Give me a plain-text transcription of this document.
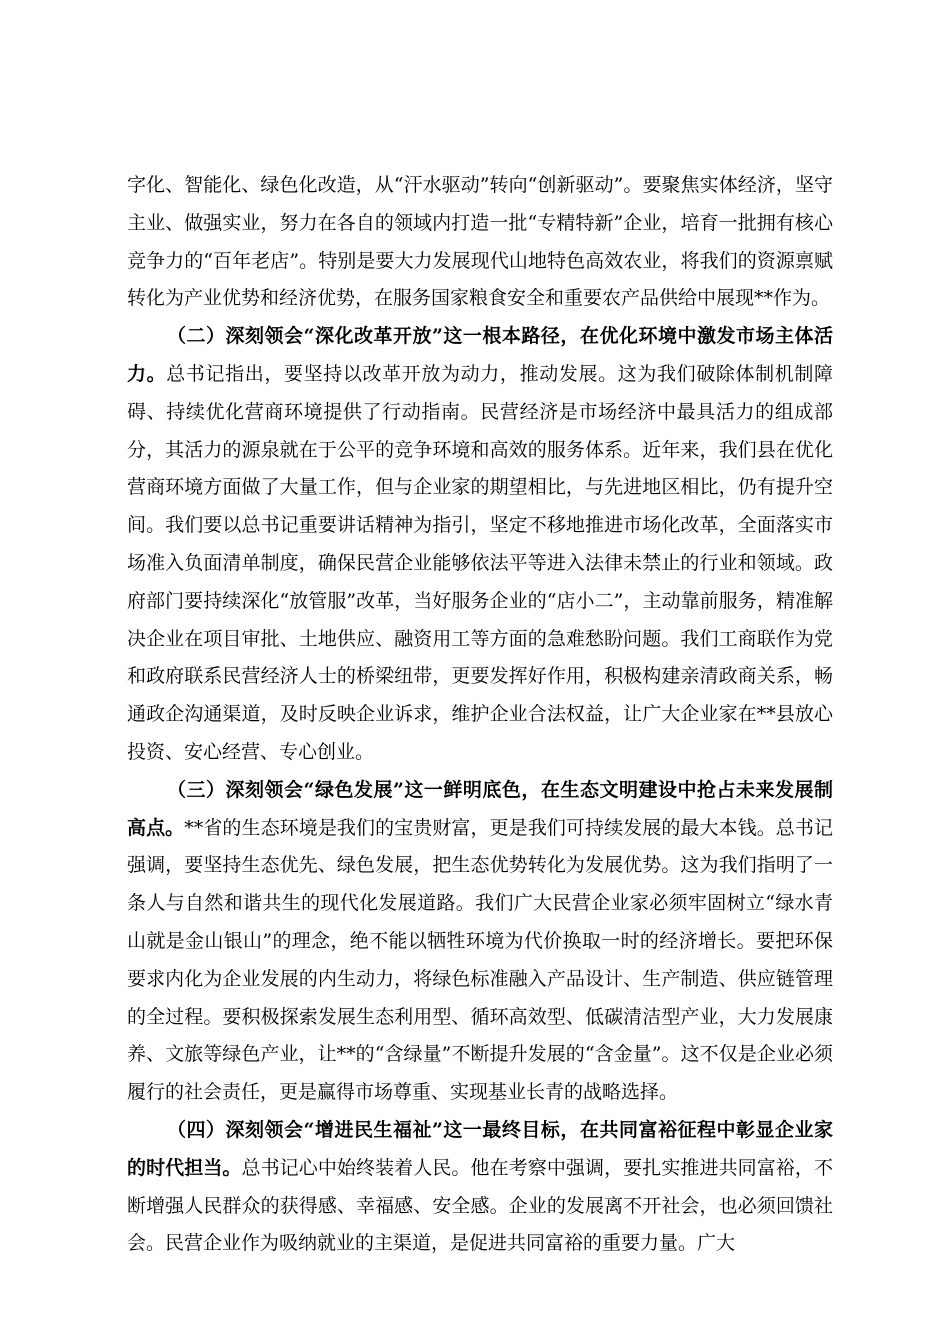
字化、智能化、绿色化改造，从“汗水驱动”转向“创新驱动”。要聚焦实体经济，坚守主业、做强实业，努力在各自的领域内打造一批“专精特新”企业，培育一批拥有核心竞争力的“百年老店”。特别是要大力发展现代山地特色高效农业，将我们的资源禀赋转化为产业优势和经济优势，在服务国家粮食安全和重要农产品供给中展现**作为。

（二）深刻领会“深化改革开放”这一根本路径，在优化环境中激发市场主体活力。总书记指出，要坚持以改革开放为动力，推动发展。这为我们破除体制机制障碍、持续优化营商环境提供了行动指南。民营经济是市场经济中最具活力的组成部分，其活力的源泉就在于公平的竞争环境和高效的服务体系。近年来，我们县在优化营商环境方面做了大量工作，但与企业家的期望相比，与先进地区相比，仍有提升空间。我们要以总书记重要讲话精神为指引，坚定不移地推进市场化改革，全面落实市场准入负面清单制度，确保民营企业能够依法平等进入法律未禁止的行业和领域。政府部门要持续深化“放管服”改革，当好服务企业的“店小二”，主动靠前服务，精准解决企业在项目审批、土地供应、融资用工等方面的急难愁盼问题。我们工商联作为党和政府联系民营经济人士的桥梁纽带，更要发挥好作用，积极构建亲清政商关系，畅通政企沟通渠道，及时反映企业诉求，维护企业合法权益，让广大企业家在**县放心投资、安心经营、专心创业。

（三）深刻领会“绿色发展”这一鲜明底色，在生态文明建设中抢占未来发展制高点。**省的生态环境是我们的宝贵财富，更是我们可持续发展的最大本钱。总书记强调，要坚持生态优先、绿色发展，把生态优势转化为发展优势。这为我们指明了一条人与自然和谐共生的现代化发展道路。我们广大民营企业家必须牢固树立“绿水青山就是金山银山”的理念，绝不能以牺牲环境为代价换取一时的经济增长。要把环保要求内化为企业发展的内生动力，将绿色标准融入产品设计、生产制造、供应链管理的全过程。要积极探索发展生态利用型、循环高效型、低碳清洁型产业，大力发展康养、文旅等绿色产业，让**的“含绿量”不断提升发展的“含金量”。这不仅是企业必须履行的社会责任，更是赢得市场尊重、实现基业长青的战略选择。

（四）深刻领会“增进民生福祉”这一最终目标，在共同富裕征程中彰显企业家的时代担当。总书记心中始终装着人民。他在考察中强调，要扎实推进共同富裕，不断增强人民群众的获得感、幸福感、安全感。企业的发展离不开社会，也必须回馈社会。民营企业作为吸纳就业的主渠道，是促进共同富裕的重要力量。广大
